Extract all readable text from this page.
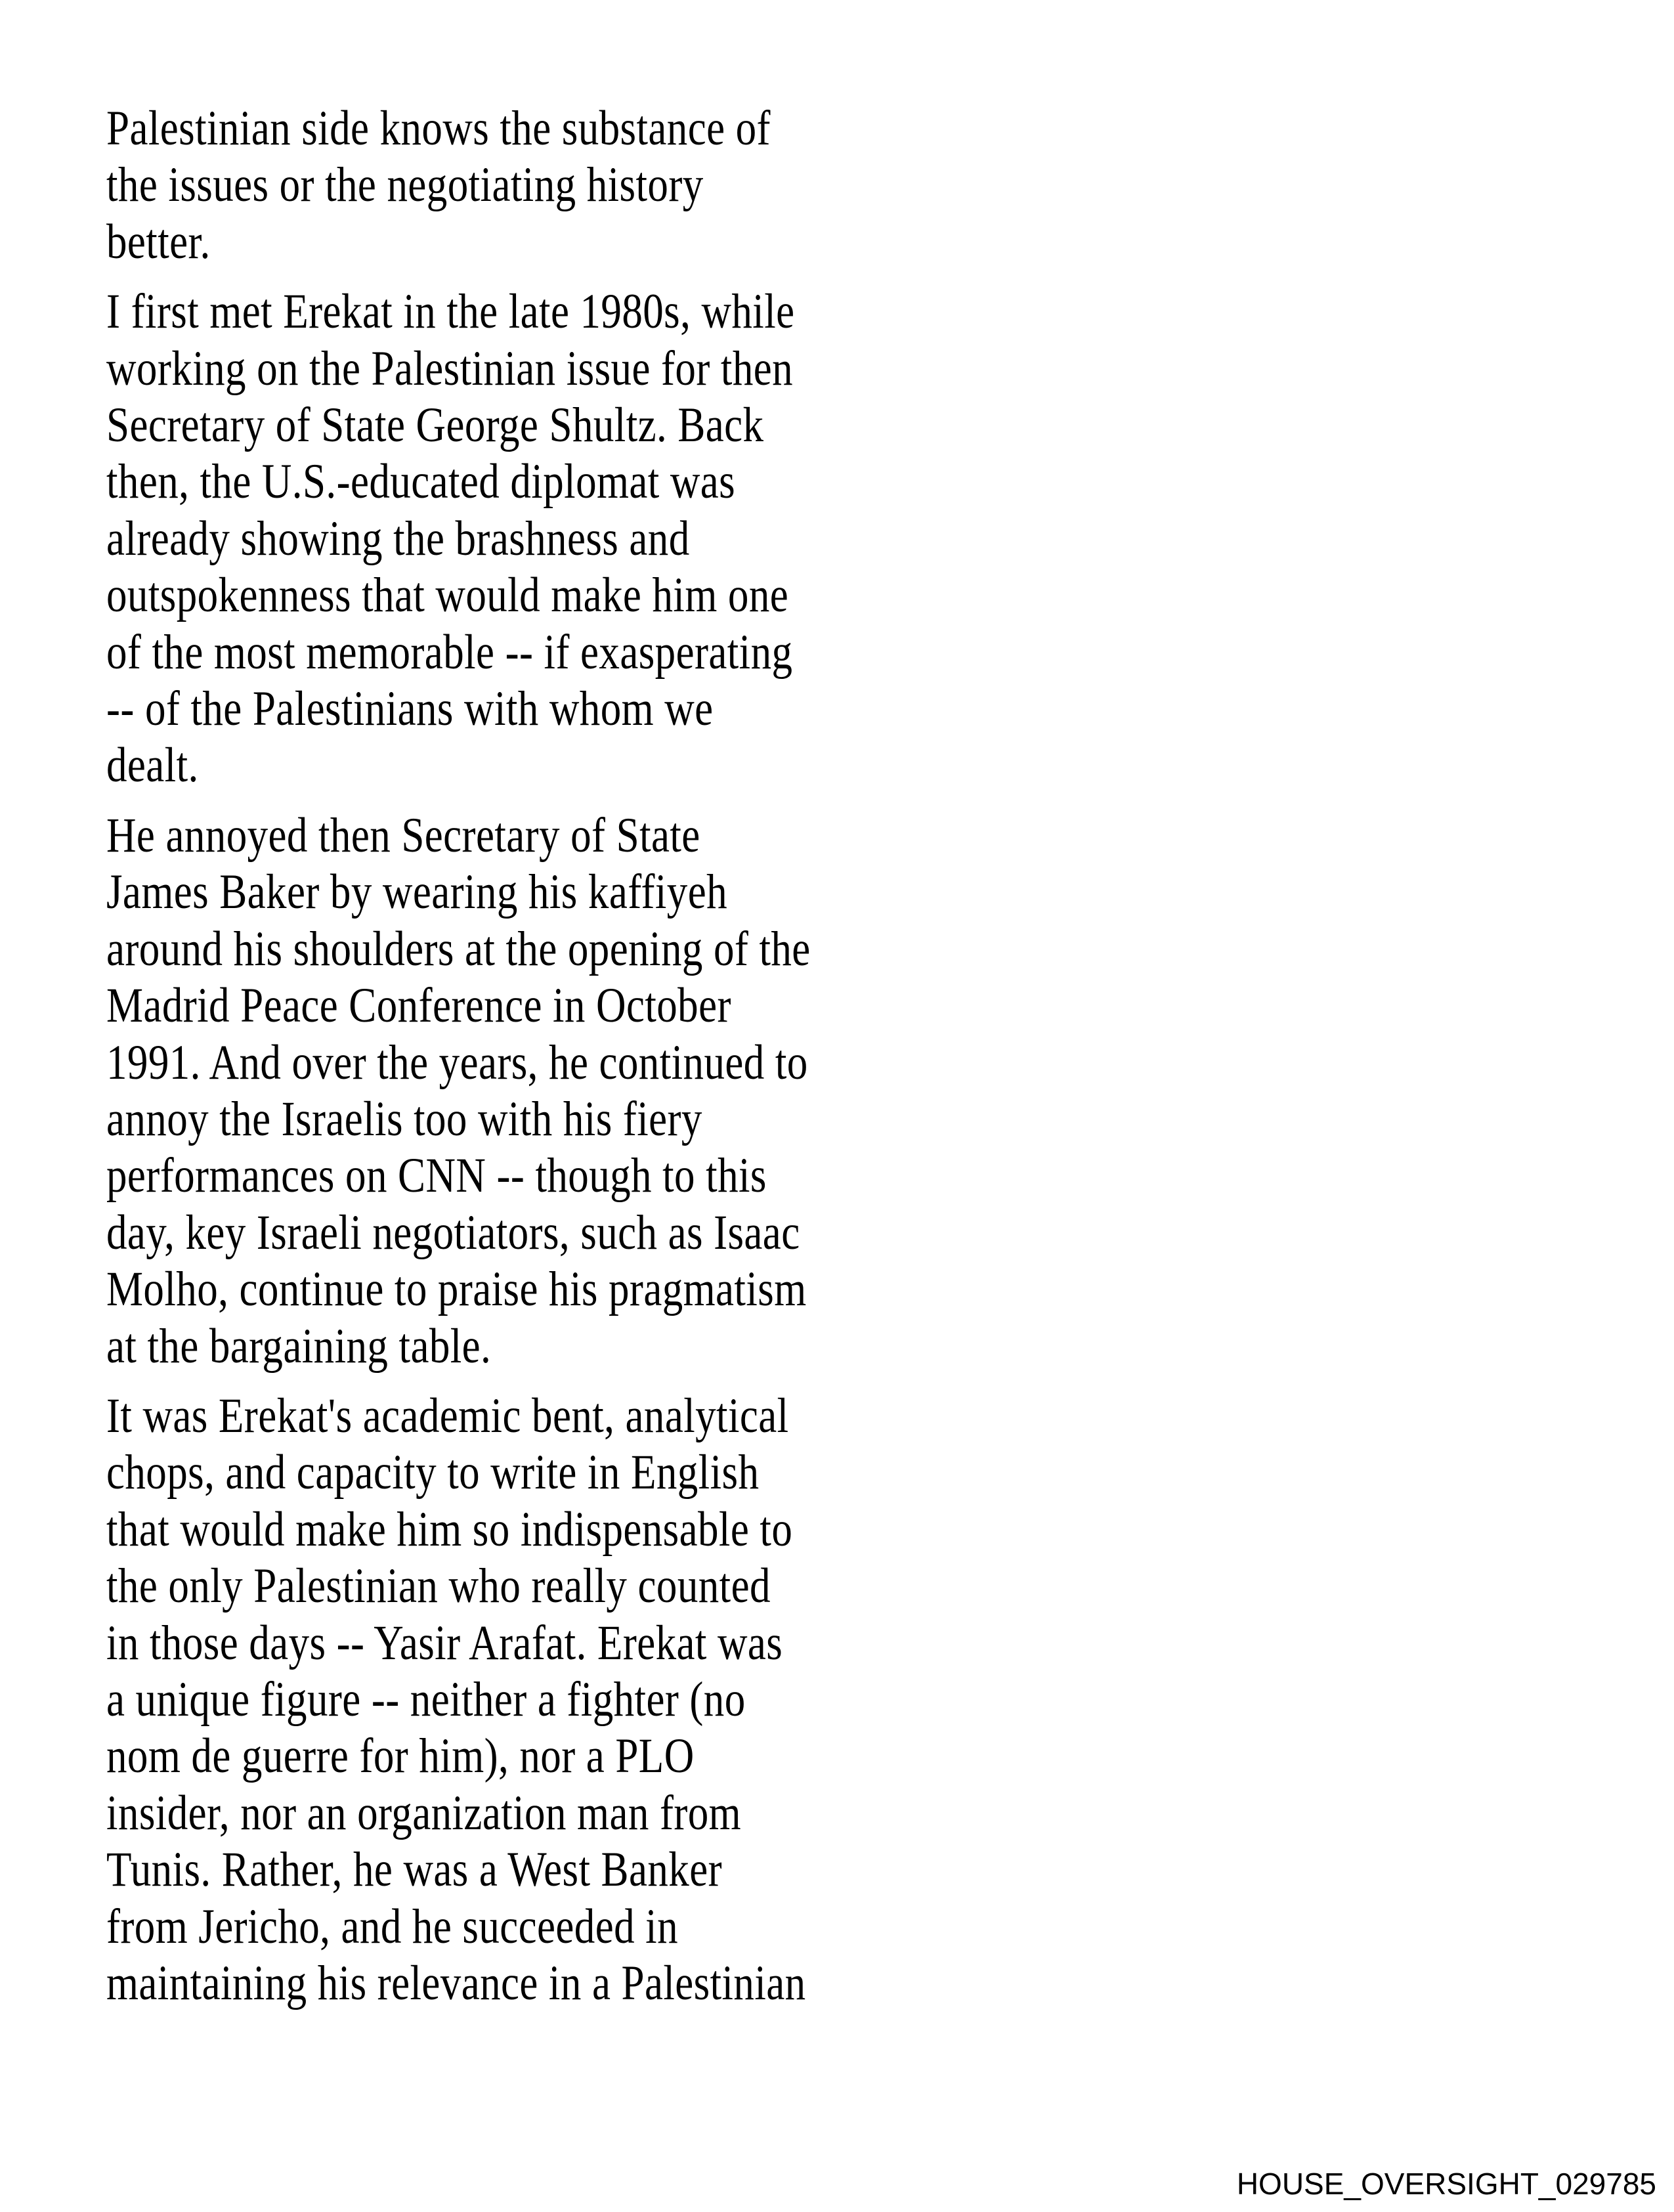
Palestinian side knows the substance of
the issues or the negotiating history
better.

I first met Erekat in the late 1980s, while
working on the Palestinian issue for then
Secretary of State George Shultz. Back
then, the U.S.-educated diplomat was
already showing the brashness and
outspokenness that would make him one
of the most memorable -- if exasperating
-- of the Palestinians with whom we
dealt.

He annoyed then Secretary of State
James Baker by wearing his kaffiyeh
around his shoulders at the opening of the
Madrid Peace Conference in October
1991. And over the years, he continued to
annoy the Israelis too with his fiery
performances on CNN -- though to this
day, key Israeli negotiators, such as Isaac
Molho, continue to praise his pragmatism
at the bargaining table.

It was Erekat's academic bent, analytical
chops, and capacity to write in English
that would make him so indispensable to
the only Palestinian who really counted
in those days -- Yasir Arafat. Erekat was
a unique figure -- neither a fighter (no
nom de guerre for him), nor a PLO
insider, nor an organization man from
Tunis. Rather, he was a West Banker
from Jericho, and he succeeded in
maintaining his relevance in a Palestinian

HOUSE_OVERSIGHT_029785
